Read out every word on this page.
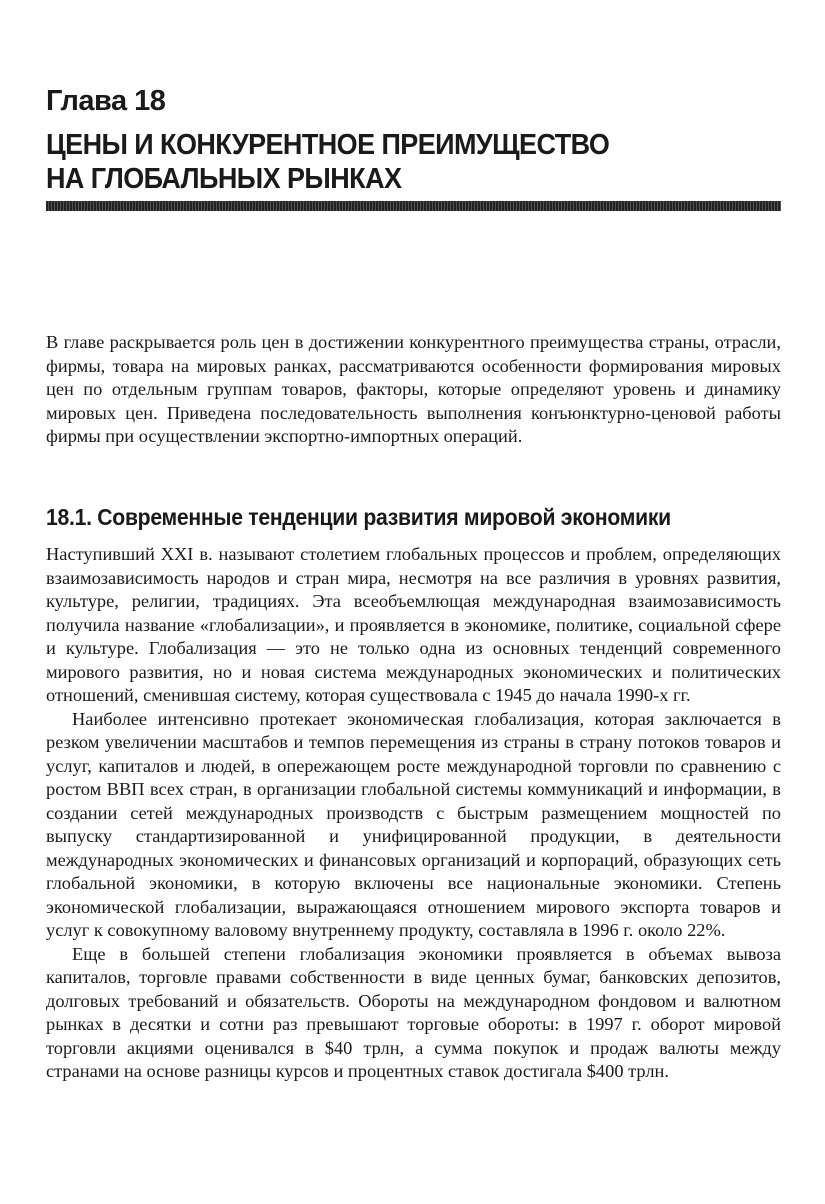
Глава 18
ЦЕНЫ И КОНКУРЕНТНОЕ ПРЕИМУЩЕСТВО
НА ГЛОБАЛЬНЫХ РЫНКАХ

В главе раскрывается роль цен в достижении конкурентного преимущества страны, отрасли, фирмы, товара на мировых ранках, рассматриваются особенности формирования мировых цен по отдельным группам товаров, факторы, которые определяют уровень и динамику мировых цен. Приведена последовательность выполнения конъюнктурно-ценовой работы фирмы при осуществлении экспортно-импортных операций.

18.1. Современные тенденции развития мировой экономики

Наступивший XXI в. называют столетием глобальных процессов и проблем, определяющих взаимозависимость народов и стран мира, несмотря на все различия в уровнях развития, культуре, религии, традициях. Эта всеобъемлющая международная взаимозависимость получила название «глобализации», и проявляется в экономике, политике, социальной сфере и культуре. Глобализация — это не только одна из основных тенденций современного мирового развития, но и новая система международных экономических и политических отношений, сменившая систему, которая существовала с 1945 до начала 1990-х гг.

Наиболее интенсивно протекает экономическая глобализация, которая заключается в резком увеличении масштабов и темпов перемещения из страны в страну потоков товаров и услуг, капиталов и людей, в опережающем росте международной торговли по сравнению с ростом ВВП всех стран, в организации глобальной системы коммуникаций и информации, в создании сетей международных производств с быстрым размещением мощностей по выпуску стандартизированной и унифицированной продукции, в деятельности международных экономических и финансовых организаций и корпораций, образующих сеть глобальной экономики, в которую включены все национальные экономики. Степень экономической глобализации, выражающаяся отношением мирового экспорта товаров и услуг к совокупному валовому внутреннему продукту, составляла в 1996 г. около 22%.

Еще в большей степени глобализация экономики проявляется в объемах вывоза капиталов, торговле правами собственности в виде ценных бумаг, банковских депозитов, долговых требований и обязательств. Обороты на международном фондовом и валютном рынках в десятки и сотни раз превышают торговые обороты: в 1997 г. оборот мировой торговли акциями оценивался в $40 трлн, а сумма покупок и продаж валюты между странами на основе разницы курсов и процентных ставок достигала $400 трлн.
